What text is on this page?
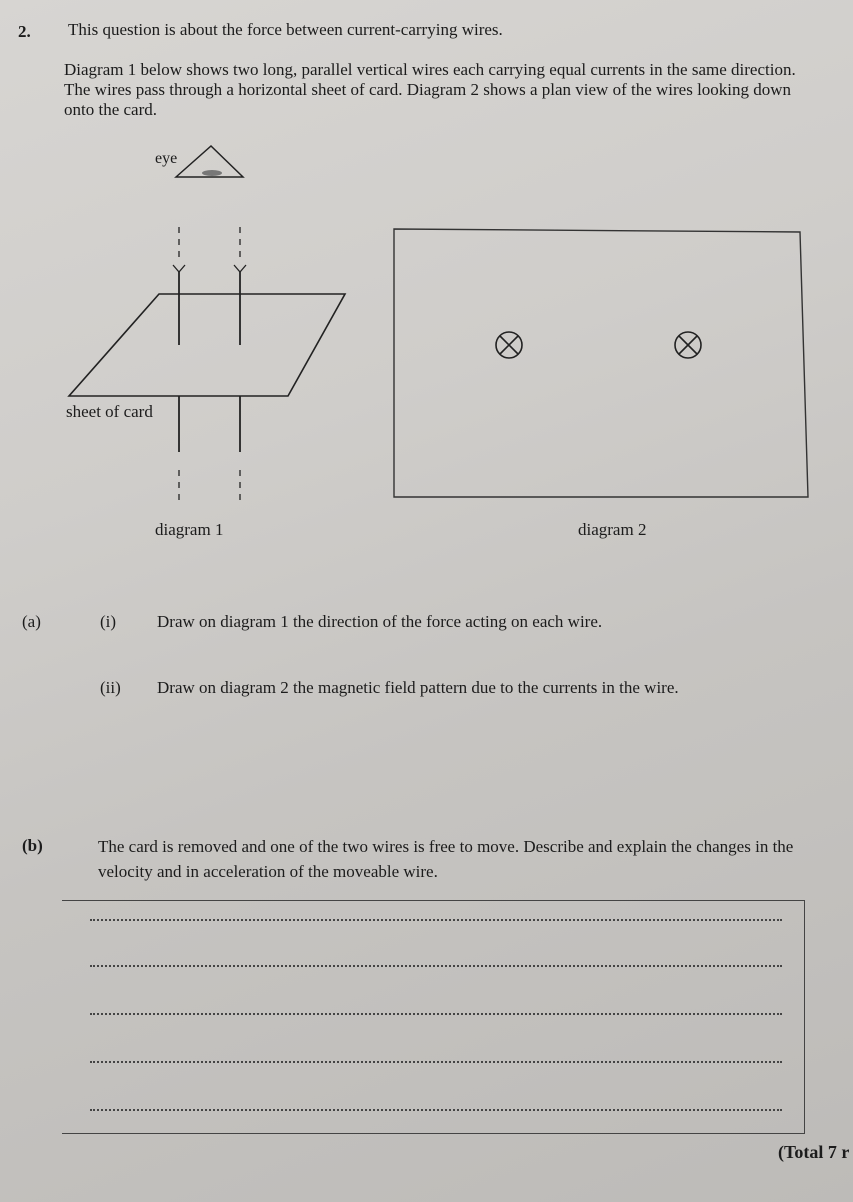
2. This question is about the force between current-carrying wires.
Diagram 1 below shows two long, parallel vertical wires each carrying equal currents in the same direction. The wires pass through a horizontal sheet of card. Diagram 2 shows a plan view of the wires looking down onto the card.
eye
sheet of card
diagram 1	diagram 2
(a)	(i) Draw on diagram 1 the direction of the force acting on each wire.
(ii) Draw on diagram 2 the magnetic field pattern due to the currents in the wire.
(b)	The card is removed and one of the two wires is free to move. Describe and explain the changes in the velocity and in acceleration of the moveable wire.
(Total 7 r
